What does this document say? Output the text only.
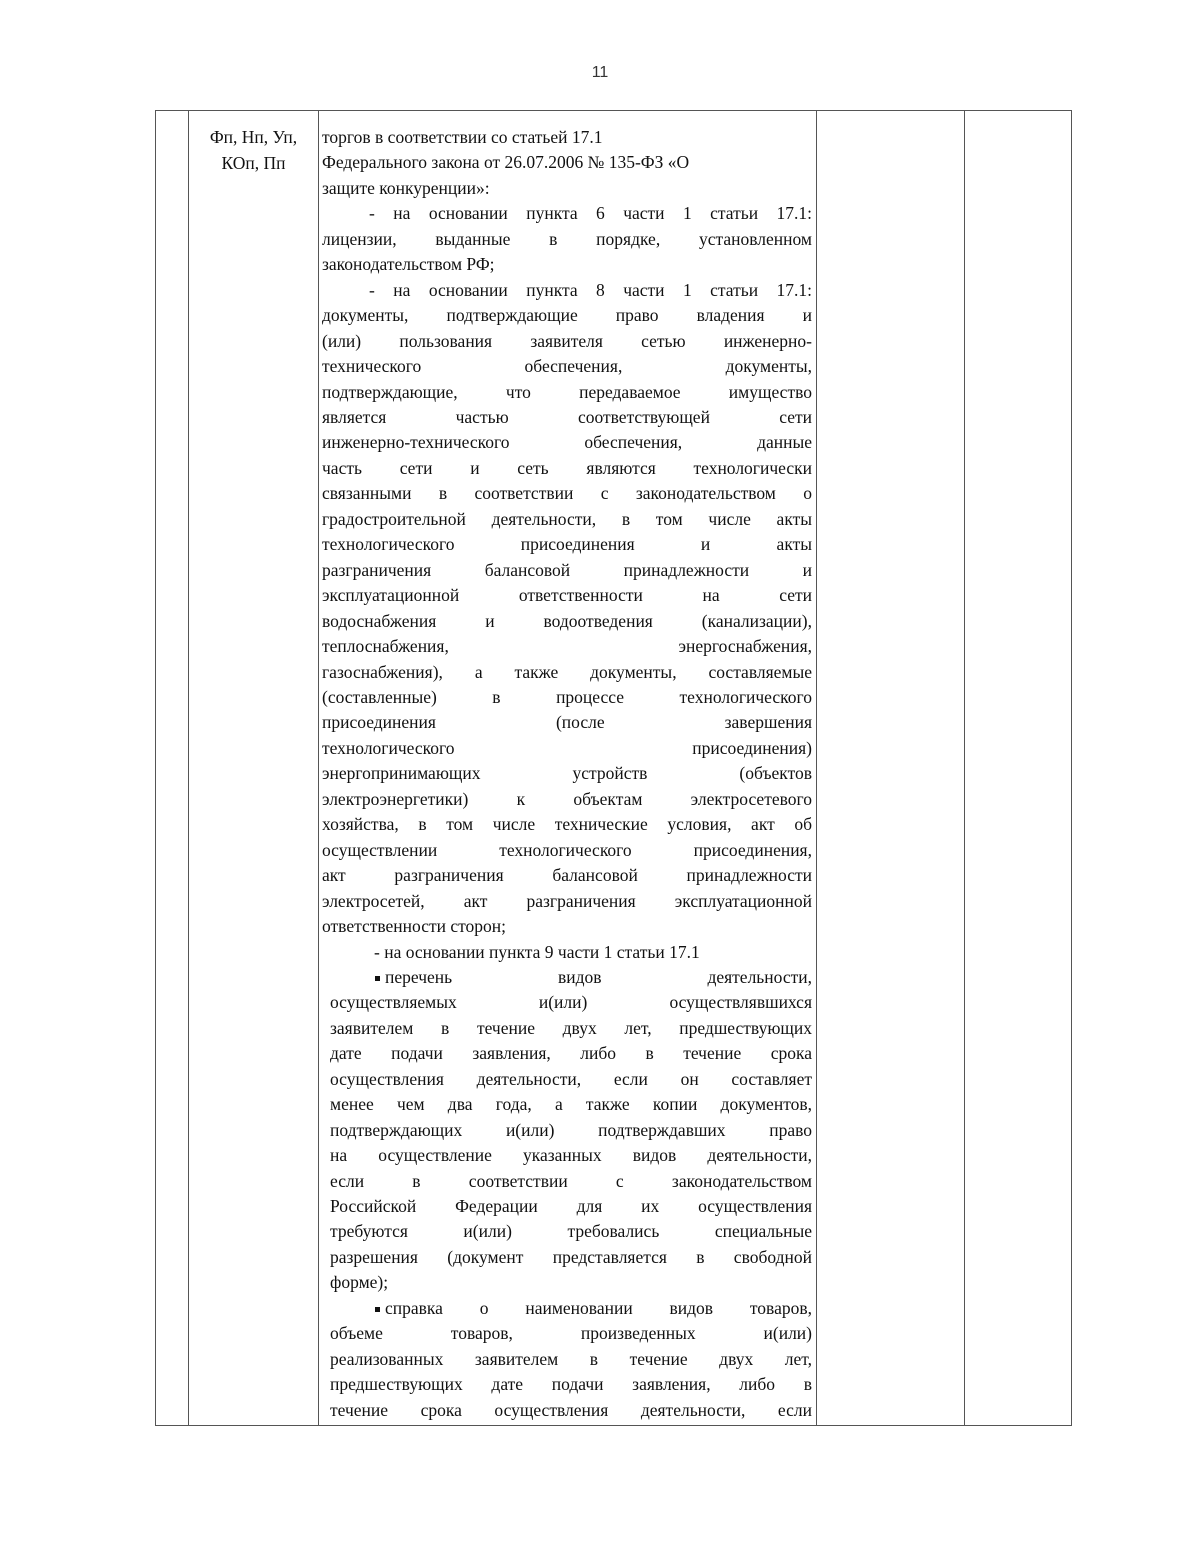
11
Фп, Нп, Уп,
КОп, Пп
торгов в соответствии со статьей 17.1
Федерального закона от 26.07.2006 № 135-ФЗ «О
защите конкуренции»:
- на основании пункта 6 части 1 статьи 17.1:
лицензии, выданные в порядке, установленном
законодательством РФ;
- на основании пункта 8 части 1 статьи 17.1:
документы, подтверждающие право владения и
(или) пользования заявителя сетью инженерно-
технического обеспечения, документы,
подтверждающие, что передаваемое имущество
является частью соответствующей сети
инженерно-технического обеспечения, данные
часть сети и сеть являются технологически
связанными в соответствии с законодательством о
градостроительной деятельности, в том числе акты
технологического присоединения и акты
разграничения балансовой принадлежности и
эксплуатационной ответственности на сети
водоснабжения и водоотведения (канализации),
теплоснабжения, энергоснабжения,
газоснабжения), а также документы, составляемые
(составленные) в процессе технологического
присоединения (после завершения
технологического присоединения)
энергопринимающих устройств (объектов
электроэнергетики) к объектам электросетевого
хозяйства, в том числе технические условия, акт об
осуществлении технологического присоединения,
акт разграничения балансовой принадлежности
электросетей, акт разграничения эксплуатационной
ответственности сторон;
- на основании пункта 9 части 1 статьи 17.1
перечень видов деятельности,
осуществляемых и(или) осуществлявшихся
заявителем в течение двух лет, предшествующих
дате подачи заявления, либо в течение срока
осуществления деятельности, если он составляет
менее чем два года, а также копии документов,
подтверждающих и(или) подтверждавших право
на осуществление указанных видов деятельности,
если в соответствии с законодательством
Российской Федерации для их осуществления
требуются и(или) требовались специальные
разрешения (документ представляется в свободной
форме);
справка о наименовании видов товаров,
объеме товаров, произведенных и(или)
реализованных заявителем в течение двух лет,
предшествующих дате подачи заявления, либо в
течение срока осуществления деятельности, если
